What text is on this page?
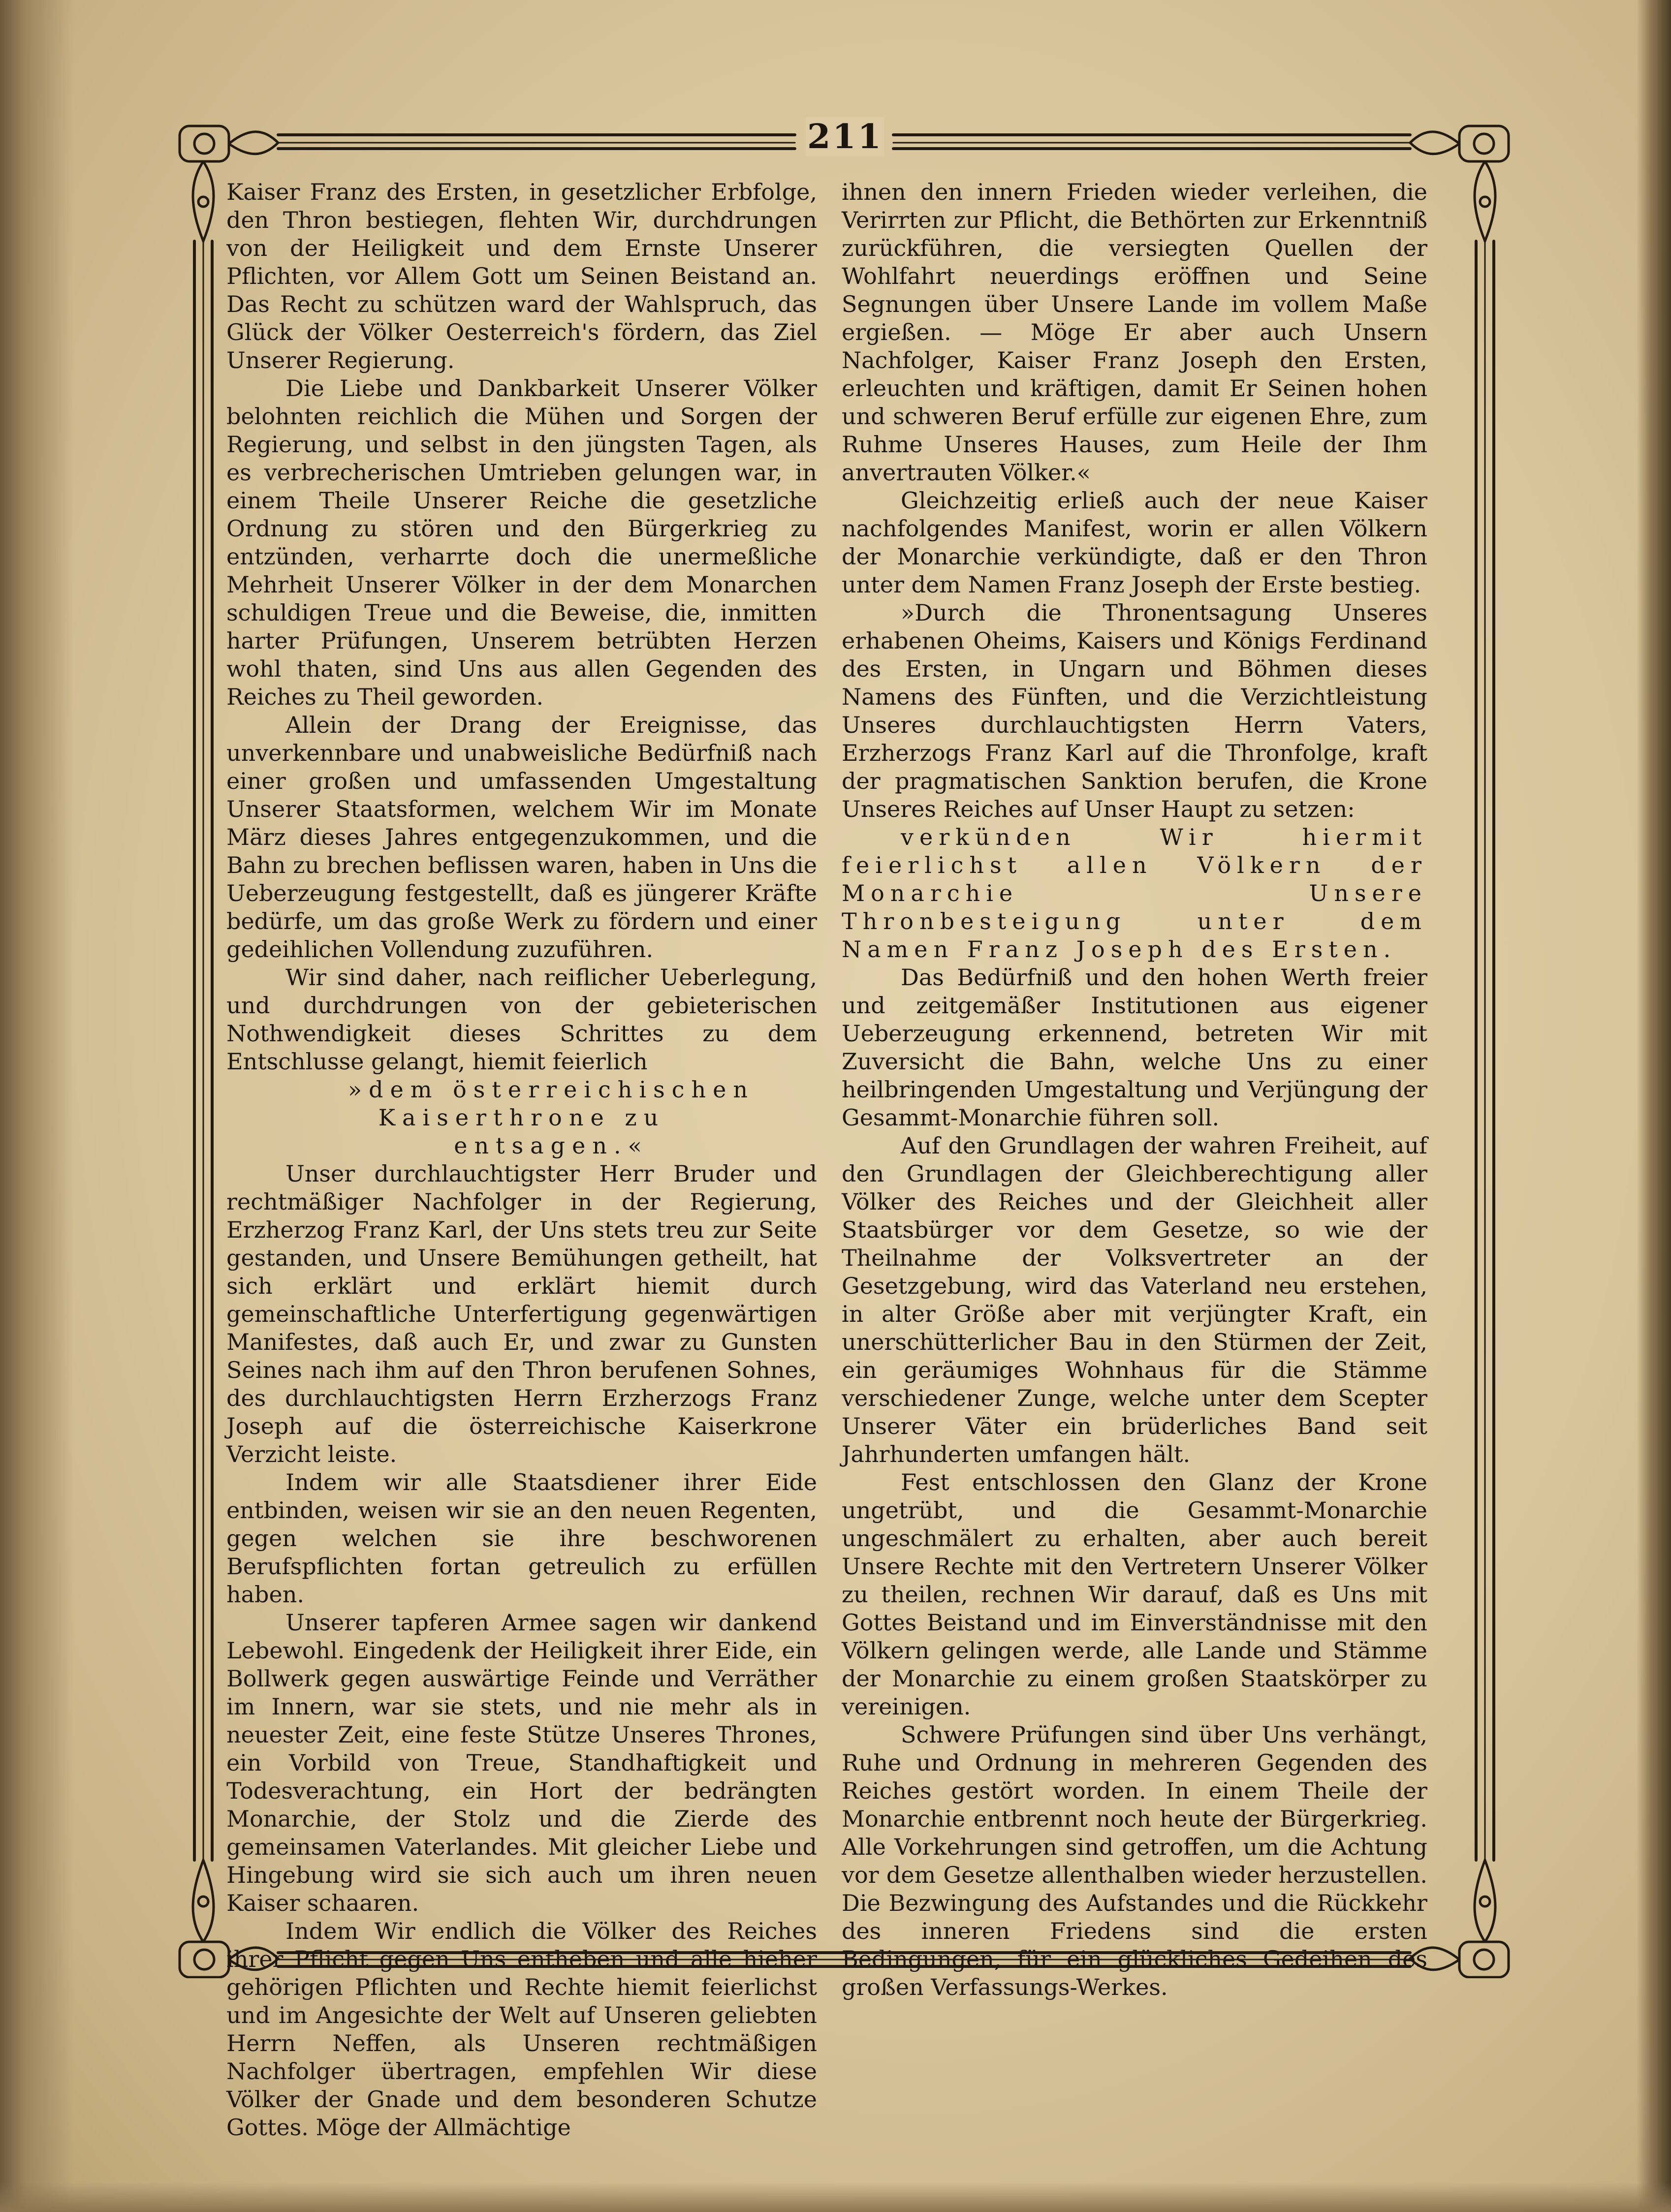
211

Kaiser Franz des Ersten, in gesetzlicher Erbfolge, den Thron bestiegen, flehten Wir, durchdrungen von der Heiligkeit und dem Ernste Unserer Pflichten, vor Allem Gott um Seinen Beistand an. Das Recht zu schützen ward der Wahlspruch, das Glück der Völker Oesterreich's fördern, das Ziel Unserer Regierung.

Die Liebe und Dankbarkeit Unserer Völker belohnten reichlich die Mühen und Sorgen der Regierung, und selbst in den jüngsten Tagen, als es verbrecherischen Umtrieben gelungen war, in einem Theile Unserer Reiche die gesetzliche Ordnung zu stören und den Bürgerkrieg zu entzünden, verharrte doch die unermeßliche Mehrheit Unserer Völker in der dem Monarchen schuldigen Treue und die Beweise, die, inmitten harter Prüfungen, Unserem betrübten Herzen wohl thaten, sind Uns aus allen Gegenden des Reiches zu Theil geworden.

Allein der Drang der Ereignisse, das unverkennbare und unabweisliche Bedürfniß nach einer großen und umfassenden Umgestaltung Unserer Staatsformen, welchem Wir im Monate März dieses Jahres entgegenzukommen, und die Bahn zu brechen beflissen waren, haben in Uns die Ueberzeugung festgestellt, daß es jüngerer Kräfte bedürfe, um das große Werk zu fördern und einer gedeihlichen Vollendung zuzuführen.

Wir sind daher, nach reiflicher Ueberlegung, und durchdrungen von der gebieterischen Nothwendigkeit dieses Schrittes zu dem Entschlusse gelangt, hiemit feierlich

»dem österreichischen Kaiserthrone zu

entsagen.«

Unser durchlauchtigster Herr Bruder und rechtmäßiger Nachfolger in der Regierung, Erzherzog Franz Karl, der Uns stets treu zur Seite gestanden, und Unsere Bemühungen getheilt, hat sich erklärt und erklärt hiemit durch gemeinschaftliche Unterfertigung gegenwärtigen Manifestes, daß auch Er, und zwar zu Gunsten Seines nach ihm auf den Thron berufenen Sohnes, des durchlauchtigsten Herrn Erzherzogs Franz Joseph auf die österreichische Kaiserkrone Verzicht leiste.

Indem wir alle Staatsdiener ihrer Eide entbinden, weisen wir sie an den neuen Regenten, gegen welchen sie ihre beschworenen Berufspflichten fortan getreulich zu erfüllen haben.

Unserer tapferen Armee sagen wir dankend Lebewohl. Eingedenk der Heiligkeit ihrer Eide, ein Bollwerk gegen auswärtige Feinde und Verräther im Innern, war sie stets, und nie mehr als in neuester Zeit, eine feste Stütze Unseres Thrones, ein Vorbild von Treue, Standhaftigkeit und Todesverachtung, ein Hort der bedrängten Monarchie, der Stolz und die Zierde des gemeinsamen Vaterlandes. Mit gleicher Liebe und Hingebung wird sie sich auch um ihren neuen Kaiser schaaren.

Indem Wir endlich die Völker des Reiches ihrer Pflicht gegen Uns entheben und alle hieher gehörigen Pflichten und Rechte hiemit feierlichst und im Angesichte der Welt auf Unseren geliebten Herrn Neffen, als Unseren rechtmäßigen Nachfolger übertragen, empfehlen Wir diese Völker der Gnade und dem besonderen Schutze Gottes. Möge der Allmächtige

ihnen den innern Frieden wieder verleihen, die Verirrten zur Pflicht, die Bethörten zur Erkenntniß zurückführen, die versiegten Quellen der Wohlfahrt neuerdings eröffnen und Seine Segnungen über Unsere Lande im vollem Maße ergießen. — Möge Er aber auch Unsern Nachfolger, Kaiser Franz Joseph den Ersten, erleuchten und kräftigen, damit Er Seinen hohen und schweren Beruf erfülle zur eigenen Ehre, zum Ruhme Unseres Hauses, zum Heile der Ihm anvertrauten Völker.«

Gleichzeitig erließ auch der neue Kaiser nachfolgendes Manifest, worin er allen Völkern der Monarchie verkündigte, daß er den Thron unter dem Namen Franz Joseph der Erste bestieg.

»Durch die Thronentsagung Unseres erhabenen Oheims, Kaisers und Königs Ferdinand des Ersten, in Ungarn und Böhmen dieses Namens des Fünften, und die Verzichtleistung Unseres durchlauchtigsten Herrn Vaters, Erzherzogs Franz Karl auf die Thronfolge, kraft der pragmatischen Sanktion berufen, die Krone Unseres Reiches auf Unser Haupt zu setzen:

verkünden Wir hiermit feierlichst allen Völkern der Monarchie Unsere Thronbesteigung unter dem Namen Franz Joseph des Ersten.

Das Bedürfniß und den hohen Werth freier und zeitgemäßer Institutionen aus eigener Ueberzeugung erkennend, betreten Wir mit Zuversicht die Bahn, welche Uns zu einer heilbringenden Umgestaltung und Verjüngung der Gesammt-Monarchie führen soll.

Auf den Grundlagen der wahren Freiheit, auf den Grundlagen der Gleichberechtigung aller Völker des Reiches und der Gleichheit aller Staatsbürger vor dem Gesetze, so wie der Theilnahme der Volksvertreter an der Gesetzgebung, wird das Vaterland neu erstehen, in alter Größe aber mit verjüngter Kraft, ein unerschütterlicher Bau in den Stürmen der Zeit, ein geräumiges Wohnhaus für die Stämme verschiedener Zunge, welche unter dem Scepter Unserer Väter ein brüderliches Band seit Jahrhunderten umfangen hält.

Fest entschlossen den Glanz der Krone ungetrübt, und die Gesammt-Monarchie ungeschmälert zu erhalten, aber auch bereit Unsere Rechte mit den Vertretern Unserer Völker zu theilen, rechnen Wir darauf, daß es Uns mit Gottes Beistand und im Einverständnisse mit den Völkern gelingen werde, alle Lande und Stämme der Monarchie zu einem großen Staatskörper zu vereinigen.

Schwere Prüfungen sind über Uns verhängt, Ruhe und Ordnung in mehreren Gegenden des Reiches gestört worden. In einem Theile der Monarchie entbrennt noch heute der Bürgerkrieg. Alle Vorkehrungen sind getroffen, um die Achtung vor dem Gesetze allenthalben wieder herzustellen. Die Bezwingung des Aufstandes und die Rückkehr des inneren Friedens sind die ersten Bedingungen, für ein glückliches Gedeihen des großen Verfassungs-Werkes.
